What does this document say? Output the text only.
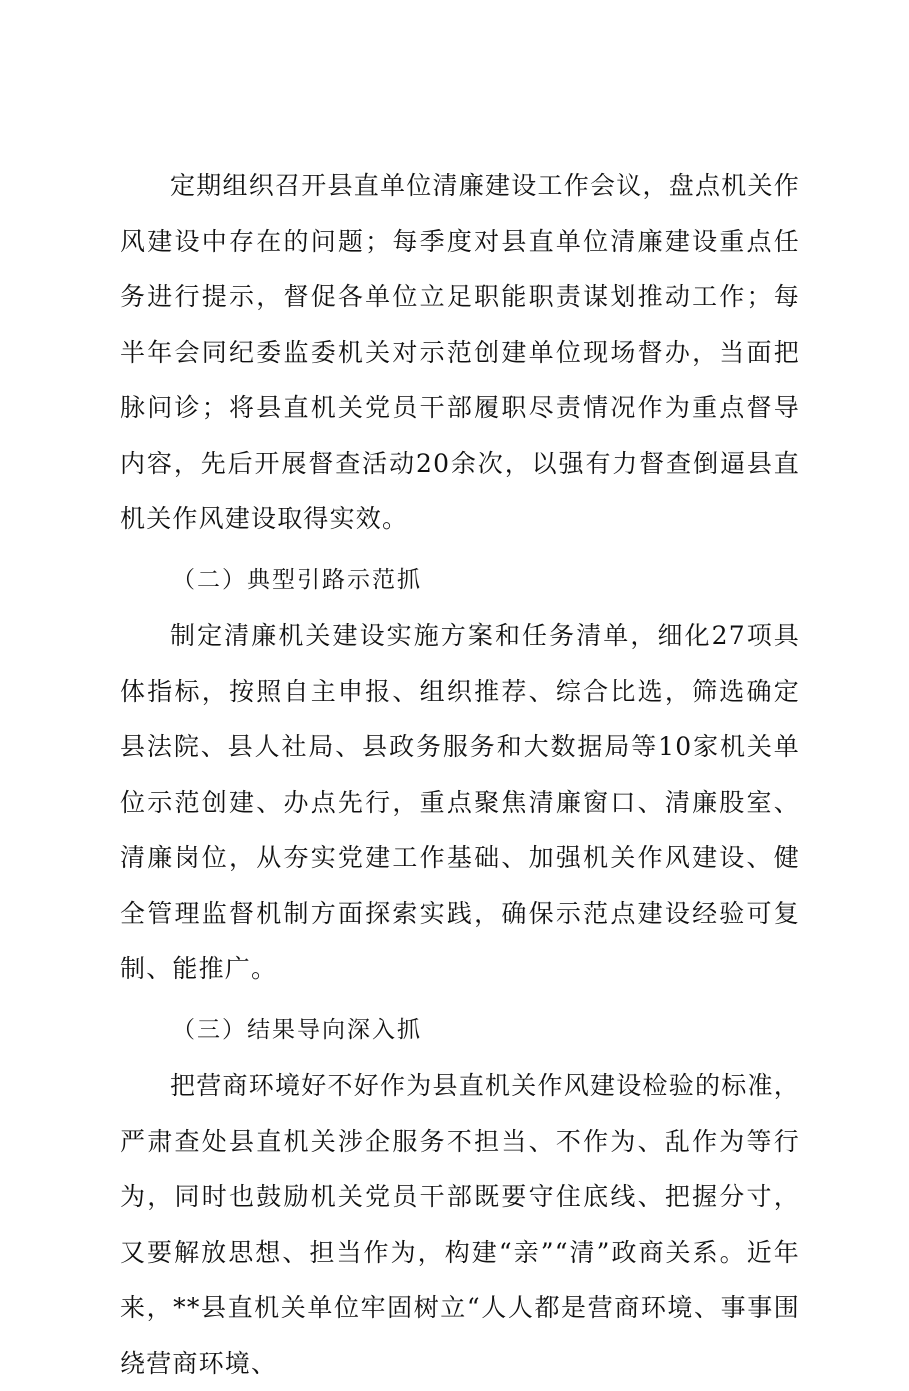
定期组织召开县直单位清廉建设工作会议，盘点机关作风建设中存在的问题；每季度对县直单位清廉建设重点任务进行提示，督促各单位立足职能职责谋划推动工作；每半年会同纪委监委机关对示范创建单位现场督办，当面把脉问诊；将县直机关党员干部履职尽责情况作为重点督导内容，先后开展督查活动20余次，以强有力督查倒逼县直机关作风建设取得实效。

（二）典型引路示范抓

制定清廉机关建设实施方案和任务清单，细化27项具体指标，按照自主申报、组织推荐、综合比选，筛选确定县法院、县人社局、县政务服务和大数据局等10家机关单位示范创建、办点先行，重点聚焦清廉窗口、清廉股室、清廉岗位，从夯实党建工作基础、加强机关作风建设、健全管理监督机制方面探索实践，确保示范点建设经验可复制、能推广。

（三）结果导向深入抓

把营商环境好不好作为县直机关作风建设检验的标准，严肃查处县直机关涉企服务不担当、不作为、乱作为等行为，同时也鼓励机关党员干部既要守住底线、把握分寸，又要解放思想、担当作为，构建“亲”“清”政商关系。近年来，**县直机关单位牢固树立“人人都是营商环境、事事围绕营商环境、
